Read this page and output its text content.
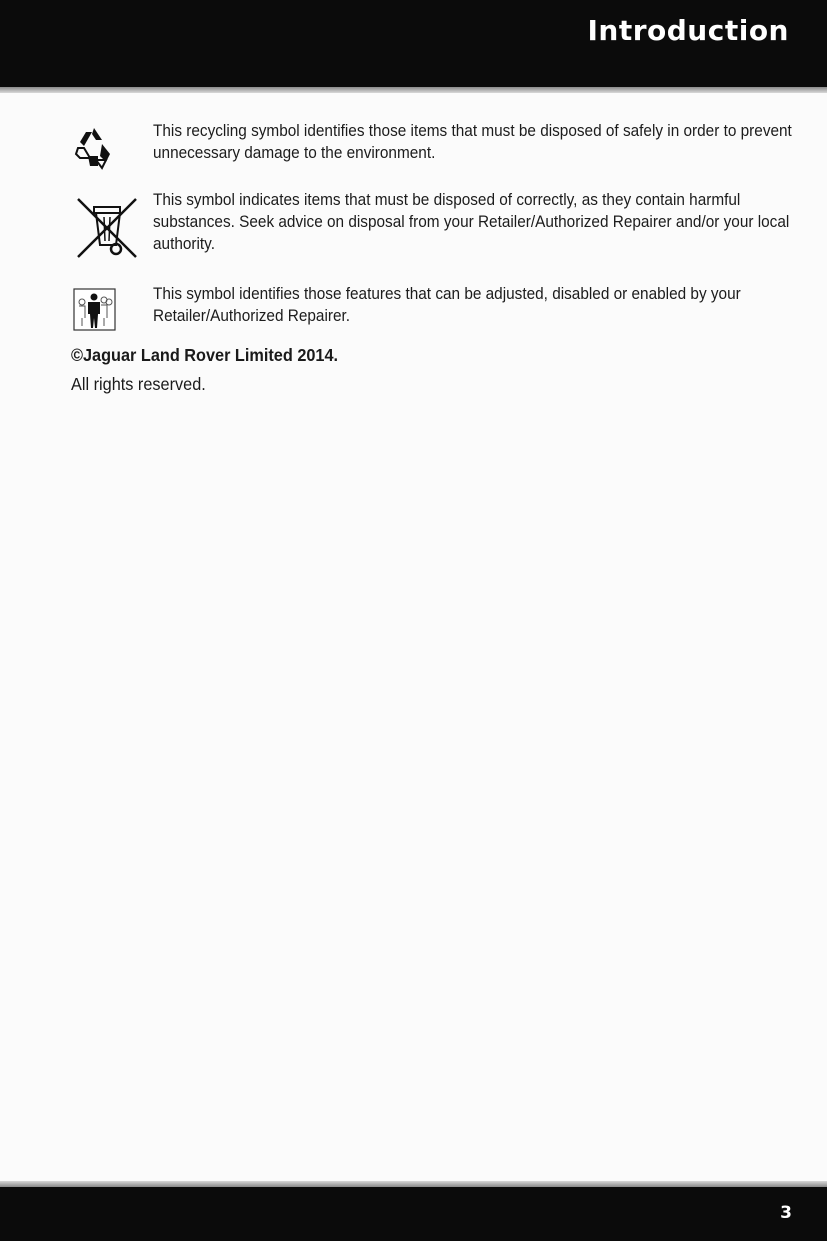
Introduction
This recycling symbol identifies those items that must be disposed of safely in order to prevent unnecessary damage to the environment.
This symbol indicates items that must be disposed of correctly, as they contain harmful substances. Seek advice on disposal from your Retailer/Authorized Repairer and/or your local authority.
This symbol identifies those features that can be adjusted, disabled or enabled by your Retailer/Authorized Repairer.
©Jaguar Land Rover Limited 2014.
All rights reserved.
3
